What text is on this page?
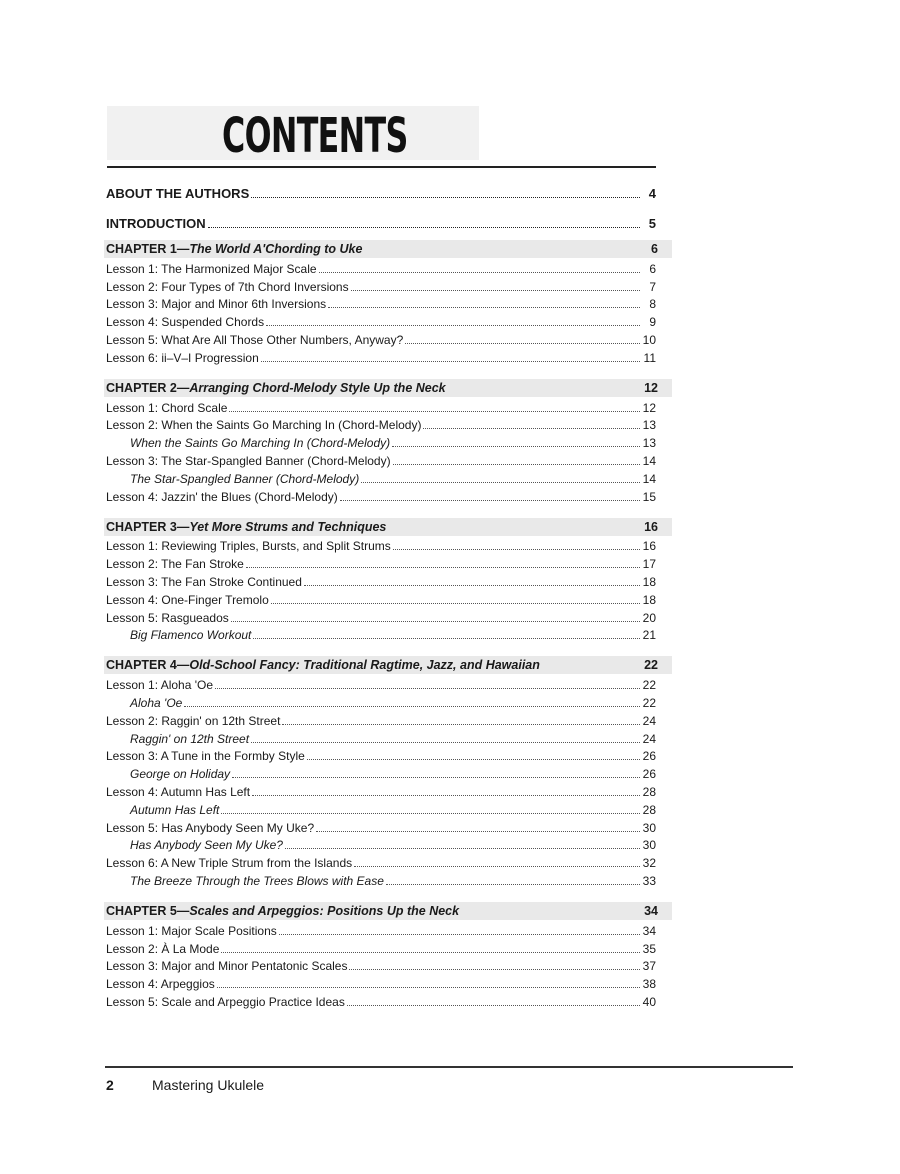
CONTENTS
ABOUT THE AUTHORS	4
INTRODUCTION	5
CHAPTER 1—The World A'Chording to Uke	6
Lesson 1: The Harmonized Major Scale	6
Lesson 2: Four Types of 7th Chord Inversions	7
Lesson 3: Major and Minor 6th Inversions	8
Lesson 4: Suspended Chords	9
Lesson 5: What Are All Those Other Numbers, Anyway?	10
Lesson 6: ii–V–I Progression	11
CHAPTER 2—Arranging Chord-Melody Style Up the Neck	12
Lesson 1: Chord Scale	12
Lesson 2: When the Saints Go Marching In (Chord-Melody)	13
When the Saints Go Marching In (Chord-Melody)	13
Lesson 3: The Star-Spangled Banner (Chord-Melody)	14
The Star-Spangled Banner (Chord-Melody)	14
Lesson 4: Jazzin' the Blues (Chord-Melody)	15
CHAPTER 3—Yet More Strums and Techniques	16
Lesson 1: Reviewing Triples, Bursts, and Split Strums	16
Lesson 2: The Fan Stroke	17
Lesson 3: The Fan Stroke Continued	18
Lesson 4: One-Finger Tremolo	18
Lesson 5: Rasgueados	20
Big Flamenco Workout	21
CHAPTER 4—Old-School Fancy: Traditional Ragtime, Jazz, and Hawaiian	22
Lesson 1: Aloha 'Oe	22
Aloha 'Oe	22
Lesson 2: Raggin' on 12th Street	24
Raggin' on 12th Street	24
Lesson 3: A Tune in the Formby Style	26
George on Holiday	26
Lesson 4: Autumn Has Left	28
Autumn Has Left	28
Lesson 5: Has Anybody Seen My Uke?	30
Has Anybody Seen My Uke?	30
Lesson 6: A New Triple Strum from the Islands	32
The Breeze Through the Trees Blows with Ease	33
CHAPTER 5—Scales and Arpeggios: Positions Up the Neck	34
Lesson 1: Major Scale Positions	34
Lesson 2: À La Mode	35
Lesson 3: Major and Minor Pentatonic Scales	37
Lesson 4: Arpeggios	38
Lesson 5: Scale and Arpeggio Practice Ideas	40
2	Mastering Ukulele
